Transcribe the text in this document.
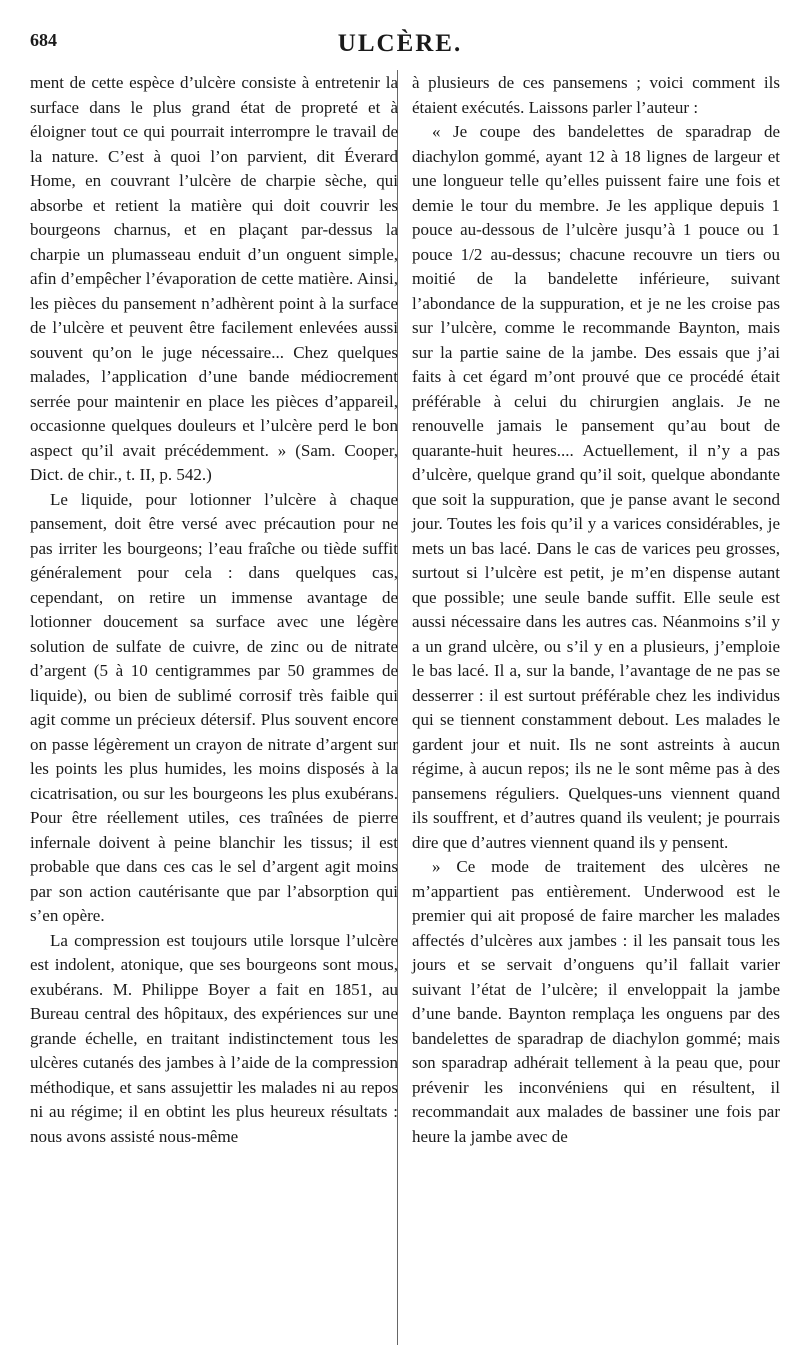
684	ULCÈRE.

ment de cette espèce d’ulcère consiste à entretenir la surface dans le plus grand état de propreté et à éloigner tout ce qui pourrait interrompre le travail de la nature. C’est à quoi l’on parvient, dit Éverard Home, en couvrant l’ulcère de charpie sèche, qui absorbe et retient la matière qui doit couvrir les bourgeons charnus, et en plaçant par-dessus la charpie un plumasseau enduit d’un onguent simple, afin d’empêcher l’évaporation de cette matière. Ainsi, les pièces du pansement n’adhèrent point à la surface de l’ulcère et peuvent être facilement enlevées aussi souvent qu’on le juge nécessaire... Chez quelques malades, l’application d’une bande médiocrement serrée pour maintenir en place les pièces d’appareil, occasionne quelques douleurs et l’ulcère perd le bon aspect qu’il avait précédemment. » (Sam. Cooper, Dict. de chir., t. II, p. 542.)

Le liquide, pour lotionner l’ulcère à chaque pansement, doit être versé avec précaution pour ne pas irriter les bourgeons; l’eau fraîche ou tiède suffit généralement pour cela : dans quelques cas, cependant, on retire un immense avantage de lotionner doucement sa surface avec une légère solution de sulfate de cuivre, de zinc ou de nitrate d’argent (5 à 10 centigrammes par 50 grammes de liquide), ou bien de sublimé corrosif très faible qui agit comme un précieux détersif. Plus souvent encore on passe légèrement un crayon de nitrate d’argent sur les points les plus humides, les moins disposés à la cicatrisation, ou sur les bourgeons les plus exubérans. Pour être réellement utiles, ces traînées de pierre infernale doivent à peine blanchir les tissus; il est probable que dans ces cas le sel d’argent agit moins par son action cautérisante que par l’absorption qui s’en opère.

La compression est toujours utile lorsque l’ulcère est indolent, atonique, que ses bourgeons sont mous, exubérans. M. Philippe Boyer a fait en 1851, au Bureau central des hôpitaux, des expériences sur une grande échelle, en traitant indistinctement tous les ulcères cutanés des jambes à l’aide de la compression méthodique, et sans assujettir les malades ni au repos ni au régime; il en obtint les plus heureux résultats : nous avons assisté nous-même

à plusieurs de ces pansemens ; voici comment ils étaient exécutés. Laissons parler l’auteur :

« Je coupe des bandelettes de sparadrap de diachylon gommé, ayant 12 à 18 lignes de largeur et une longueur telle qu’elles puissent faire une fois et demie le tour du membre. Je les applique depuis 1 pouce au-dessous de l’ulcère jusqu’à 1 pouce ou 1 pouce 1/2 au-dessus; chacune recouvre un tiers ou moitié de la bandelette inférieure, suivant l’abondance de la suppuration, et je ne les croise pas sur l’ulcère, comme le recommande Baynton, mais sur la partie saine de la jambe. Des essais que j’ai faits à cet égard m’ont prouvé que ce procédé était préférable à celui du chirurgien anglais. Je ne renouvelle jamais le pansement qu’au bout de quarante-huit heures.... Actuellement, il n’y a pas d’ulcère, quelque grand qu’il soit, quelque abondante que soit la suppuration, que je panse avant le second jour. Toutes les fois qu’il y a varices considérables, je mets un bas lacé. Dans le cas de varices peu grosses, surtout si l’ulcère est petit, je m’en dispense autant que possible; une seule bande suffit. Elle seule est aussi nécessaire dans les autres cas. Néanmoins s’il y a un grand ulcère, ou s’il y en a plusieurs, j’emploie le bas lacé. Il a, sur la bande, l’avantage de ne pas se desserrer : il est surtout préférable chez les individus qui se tiennent constamment debout. Les malades le gardent jour et nuit. Ils ne sont astreints à aucun régime, à aucun repos; ils ne le sont même pas à des pansemens réguliers. Quelques-uns viennent quand ils souffrent, et d’autres quand ils veulent; je pourrais dire que d’autres viennent quand ils y pensent.

» Ce mode de traitement des ulcères ne m’appartient pas entièrement. Underwood est le premier qui ait proposé de faire marcher les malades affectés d’ulcères aux jambes : il les pansait tous les jours et se servait d’onguens qu’il fallait varier suivant l’état de l’ulcère; il enveloppait la jambe d’une bande. Baynton remplaça les onguens par des bandelettes de sparadrap de diachylon gommé; mais son sparadrap adhérait tellement à la peau que, pour prévenir les inconvéniens qui en résultent, il recommandait aux malades de bassiner une fois par heure la jambe avec de
